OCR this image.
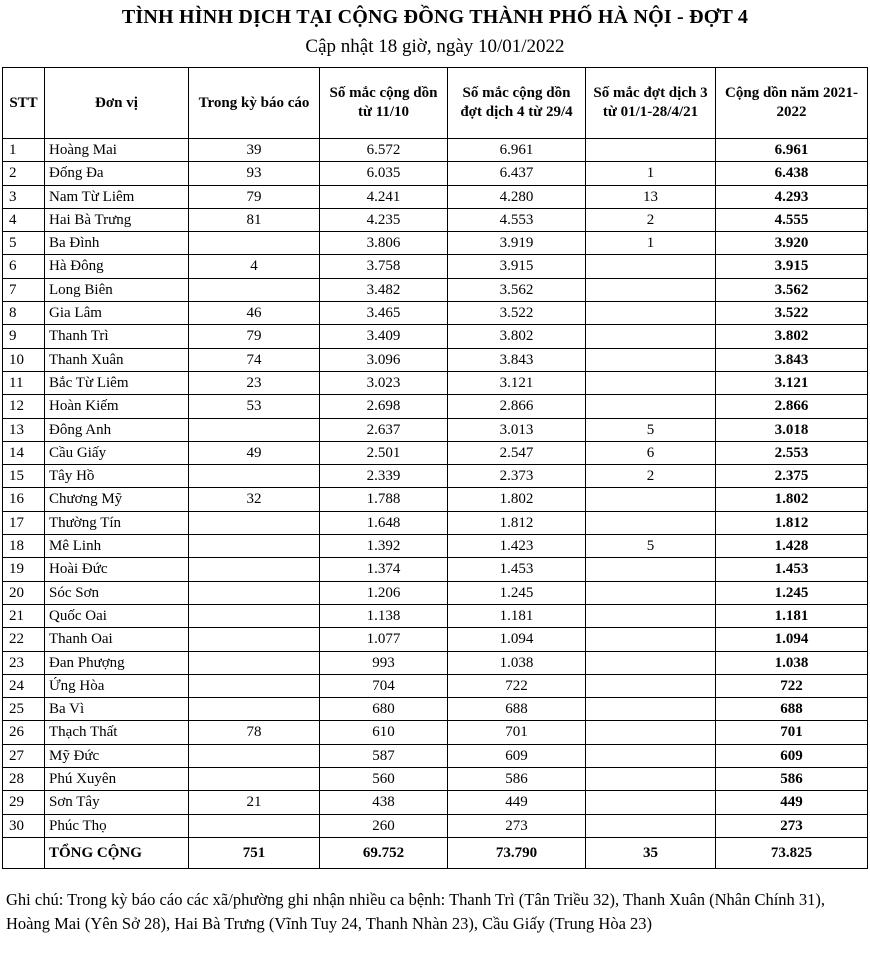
TÌNH HÌNH DỊCH TẠI CỘNG ĐỒNG THÀNH PHỐ HÀ NỘI - ĐỢT 4
Cập nhật 18 giờ, ngày 10/01/2022
STT	Đơn vị	Trong kỳ báo cáo	Số mắc cộng dồn từ 11/10	Số mắc cộng dồn đợt dịch 4 từ 29/4	Số mắc đợt dịch 3 từ 01/1-28/4/21	Cộng dồn năm 2021-2022
1	Hoàng Mai	39	6.572	6.961		6.961
2	Đống Đa	93	6.035	6.437	1	6.438
3	Nam Từ Liêm	79	4.241	4.280	13	4.293
4	Hai Bà Trưng	81	4.235	4.553	2	4.555
5	Ba Đình		3.806	3.919	1	3.920
6	Hà Đông	4	3.758	3.915		3.915
7	Long Biên		3.482	3.562		3.562
8	Gia Lâm	46	3.465	3.522		3.522
9	Thanh Trì	79	3.409	3.802		3.802
10	Thanh Xuân	74	3.096	3.843		3.843
11	Bắc Từ Liêm	23	3.023	3.121		3.121
12	Hoàn Kiếm	53	2.698	2.866		2.866
13	Đông Anh		2.637	3.013	5	3.018
14	Cầu Giấy	49	2.501	2.547	6	2.553
15	Tây Hồ		2.339	2.373	2	2.375
16	Chương Mỹ	32	1.788	1.802		1.802
17	Thường Tín		1.648	1.812		1.812
18	Mê Linh		1.392	1.423	5	1.428
19	Hoài Đức		1.374	1.453		1.453
20	Sóc Sơn		1.206	1.245		1.245
21	Quốc Oai		1.138	1.181		1.181
22	Thanh Oai		1.077	1.094		1.094
23	Đan Phượng		993	1.038		1.038
24	Ứng Hòa		704	722		722
25	Ba Vì		680	688		688
26	Thạch Thất	78	610	701		701
27	Mỹ Đức		587	609		609
28	Phú Xuyên		560	586		586
29	Sơn Tây	21	438	449		449
30	Phúc Thọ		260	273		273
	TỔNG CỘNG	751	69.752	73.790	35	73.825
Ghi chú: Trong kỳ báo cáo các xã/phường ghi nhận nhiều ca bệnh: Thanh Trì (Tân Triều 32), Thanh Xuân (Nhân Chính 31), Hoàng Mai (Yên Sở 28), Hai Bà Trưng (Vĩnh Tuy 24, Thanh Nhàn 23), Cầu Giấy (Trung Hòa 23)
